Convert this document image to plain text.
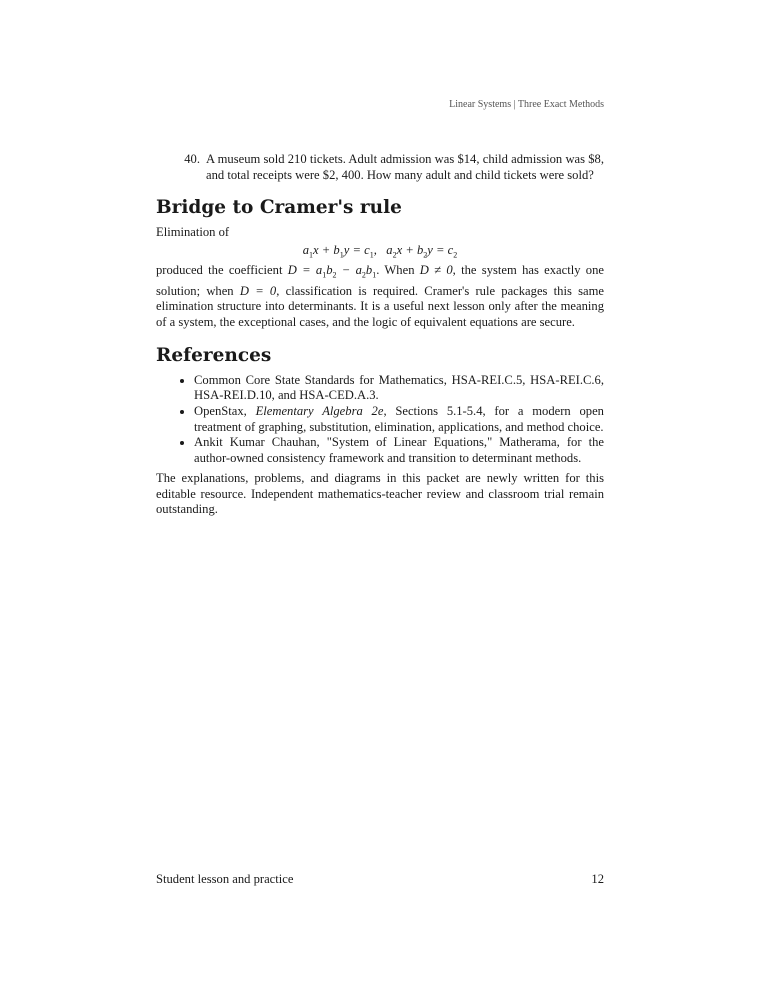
Linear Systems | Three Exact Methods
40. A museum sold 210 tickets. Adult admission was $14, child admission was $8, and total receipts were $2, 400. How many adult and child tickets were sold?
Bridge to Cramer's rule

Elimination of

$a_1x + b_1y = c_1$,   $a_2x + b_2y = c_2$

produced the coefficient $D = a_1b_2 - a_2b_1$. When D ≠ 0, the system has exactly one solution; when D = 0, classification is required. Cramer's rule packages this same elimination structure into determinants. It is a useful next lesson only after the meaning of a system, the exceptional cases, and the logic of equivalent equations are secure.

References
• Common Core State Standards for Mathematics, HSA-REI.C.5, HSA-REI.C.6, HSA-REI.D.10, and HSA-CED.A.3.
• OpenStax, Elementary Algebra 2e, Sections 5.1-5.4, for a modern open treatment of graphing, substitution, elimination, applications, and method choice.
• Ankit Kumar Chauhan, "System of Linear Equations," Matherama, for the author-owned consistency framework and transition to determinant methods.

The explanations, problems, and diagrams in this packet are newly written for this editable resource. Independent mathematics-teacher review and classroom trial remain outstanding.

Student lesson and practice	12
